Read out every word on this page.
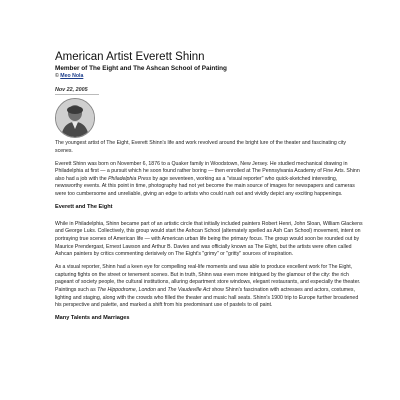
American Artist Everett Shinn
Member of The Eight and The Ashcan School of Painting
© Meo Nola
Nov 22, 2005

The youngest artist of The Eight, Everett Shinn's life and work revolved around the bright lure of the theater and fascinating city scenes.

Everett Shinn was born on November 6, 1876 to a Quaker family in Woodstown, New Jersey. He studied mechanical drawing in Philadelphia at first — a pursuit which he soon found rather boring — then enrolled at The Pennsylvania Academy of Fine Arts. Shinn also had a job with the Philadelphia Press by age seventeen, working as a "visual reporter" who quick-sketched interesting, newsworthy events. At this point in time, photography had not yet become the main source of images for newspapers and cameras were too cumbersome and unreliable, giving an edge to artists who could rush out and vividly depict any exciting happenings.

Everett and The Eight

While in Philadelphia, Shinn became part of an artistic circle that initially included painters Robert Henri, John Sloan, William Glackens and George Luks. Collectively, this group would start the Ashcan School (alternately spelled as Ash Can School) movement, intent on portraying true scenes of American life — with American urban life being the primary focus. The group would soon be rounded out by Maurice Prendergast, Ernest Lawson and Arthur B. Davies and was officially known as The Eight, but the artists were often called Ashcan painters by critics commenting derisively on The Eight's "grimy" or "gritty" sources of inspiration.

As a visual reporter, Shinn had a keen eye for compelling real-life moments and was able to produce excellent work for The Eight, capturing fights on the street or tenement scenes. But in truth, Shinn was even more intrigued by the glamour of the city: the rich pageant of society people, the cultural institutions, alluring department store windows, elegant restaurants, and especially the theater. Paintings such as The Hippodrome, London and The Vaudeville Act show Shinn's fascination with actresses and actors, costumes, lighting and staging, along with the crowds who filled the theater and music hall seats. Shinn's 1900 trip to Europe further broadened his perspective and palette, and marked a shift from his predominant use of pastels to oil paint.

Many Talents and Marriages
